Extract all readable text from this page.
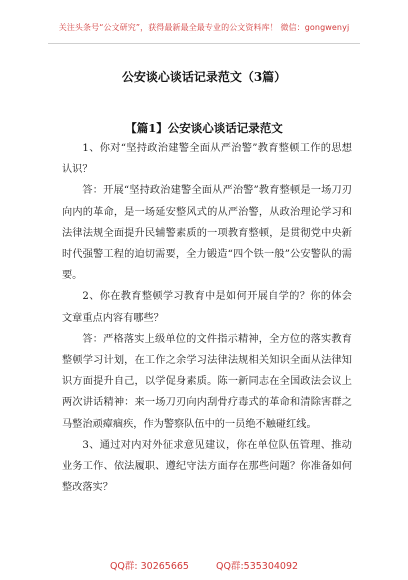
关注头条号“公文研究”，获得最新最全最专业的公文资料库！ 微信：gongwenyj
公安谈心谈话记录范文（3篇）
【篇1】公安谈心谈话记录范文

1、你对“坚持政治建警全面从严治警”教育整顿工作的思想认识？

答：开展“坚持政治建警全面从严治警”教育整顿是一场刀刃向内的革命，是一场延安整风式的从严治警，从政治理论学习和法律法规全面提升民辅警素质的一项教育整顿，是贯彻党中央新时代强警工程的迫切需要，全力锻造“四个铁一般”公安警队的需要。

2、你在教育整顿学习教育中是如何开展自学的？你的体会文章重点内容有哪些？

答：严格落实上级单位的文件指示精神，全方位的落实教育整顿学习计划，在工作之余学习法律法规相关知识全面从法律知识方面提升自己，以学促身素质。陈一新同志在全国政法会议上两次讲话精神：来一场刀刃向内刮骨疗毒式的革命和清除害群之马整治顽瘴痼疾，作为警察队伍中的一员绝不触碰红线。

3、通过对内对外征求意见建议，你在单位队伍管理、推动业务工作、依法履职、遵纪守法方面存在那些问题？你准备如何整改落实？

QQ群: 30265665	QQ群:535304092
